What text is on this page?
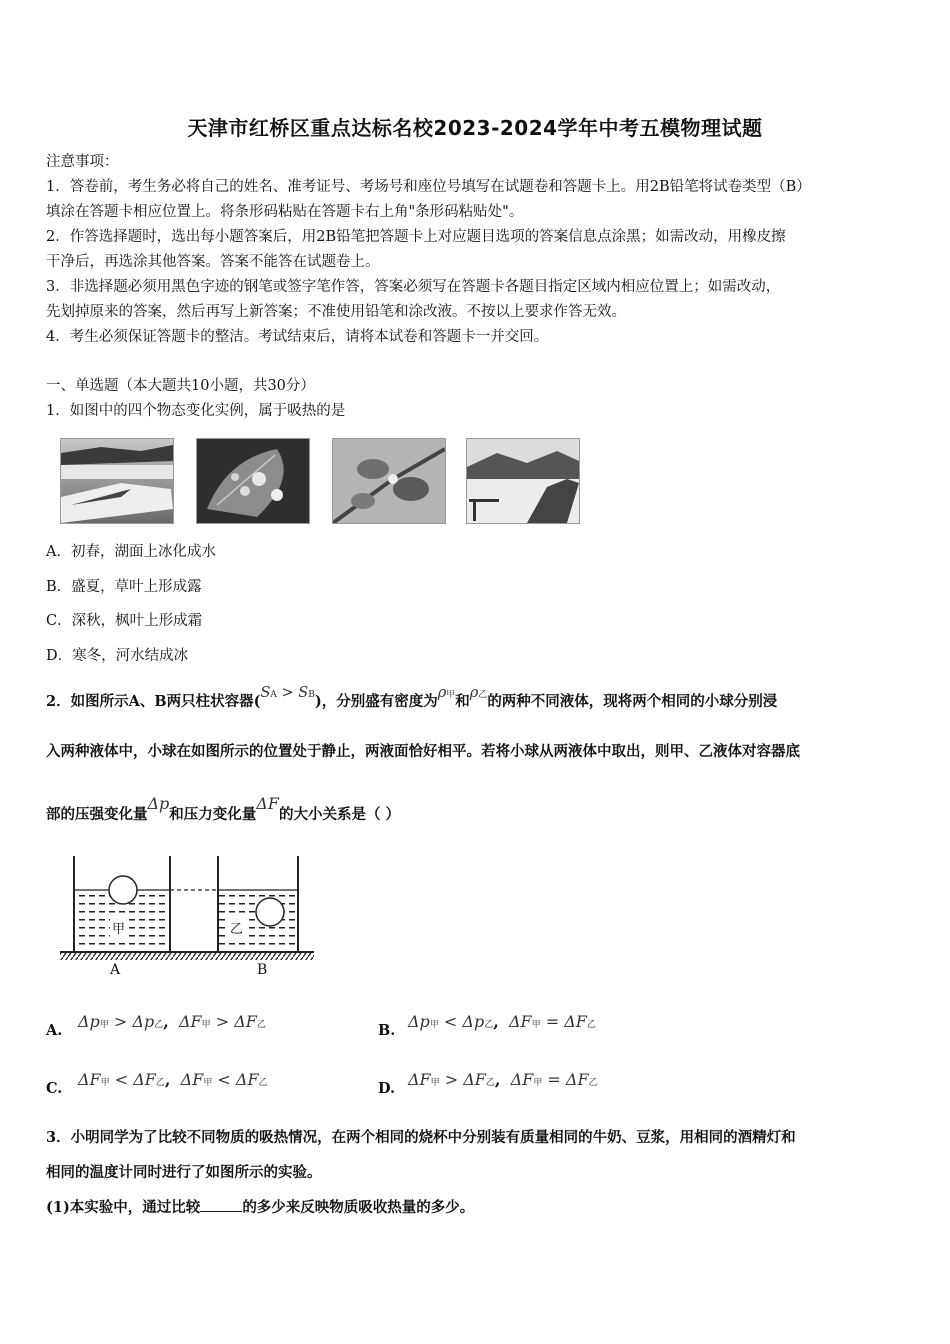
天津市红桥区重点达标名校2023-2024学年中考五模物理试题
注意事项：
1．答卷前，考生务必将自己的姓名、准考证号、考场号和座位号填写在试题卷和答题卡上。用2B铅笔将试卷类型（B）
填涂在答题卡相应位置上。将条形码粘贴在答题卡右上角"条形码粘贴处"。
2．作答选择题时，选出每小题答案后，用2B铅笔把答题卡上对应题目选项的答案信息点涂黑；如需改动，用橡皮擦
干净后，再选涂其他答案。答案不能答在试题卷上。
3．非选择题必须用黑色字迹的钢笔或签字笔作答，答案必须写在答题卡各题目指定区域内相应位置上；如需改动，
先划掉原来的答案，然后再写上新答案；不准使用铅笔和涂改液。不按以上要求作答无效。
4．考生必须保证答题卡的整洁。考试结束后，请将本试卷和答题卡一并交回。
一、单选题（本大题共10小题，共30分）
1．如图中的四个物态变化实例，属于吸热的是
A．初春，湖面上冰化成水
B．盛夏，草叶上形成露
C．深秋，枫叶上形成霜
D．寒冬，河水结成冰
2．如图所示A、B两只柱状容器(SA > SB)，分别盛有密度为ρ甲和ρ乙的两种不同液体，现将两个相同的小球分别浸
入两种液体中，小球在如图所示的位置处于静止，两液面恰好相平。若将小球从两液体中取出，则甲、乙液体对容器底
部的压强变化量Δp和压力变化量ΔF的大小关系是（ ）
甲	乙
A	B
A. Δp甲 > Δp乙, ΔF甲 > ΔF乙	B. Δp甲 < Δp乙, ΔF甲 = ΔF乙
C. ΔF甲 < ΔF乙, ΔF甲 < ΔF乙	D. ΔF甲 > ΔF乙, ΔF甲 = ΔF乙
3．小明同学为了比较不同物质的吸热情况，在两个相同的烧杯中分别装有质量相同的牛奶、豆浆，用相同的酒精灯和
相同的温度计同时进行了如图所示的实验。
(1)本实验中，通过比较	的多少来反映物质吸收热量的多少。
